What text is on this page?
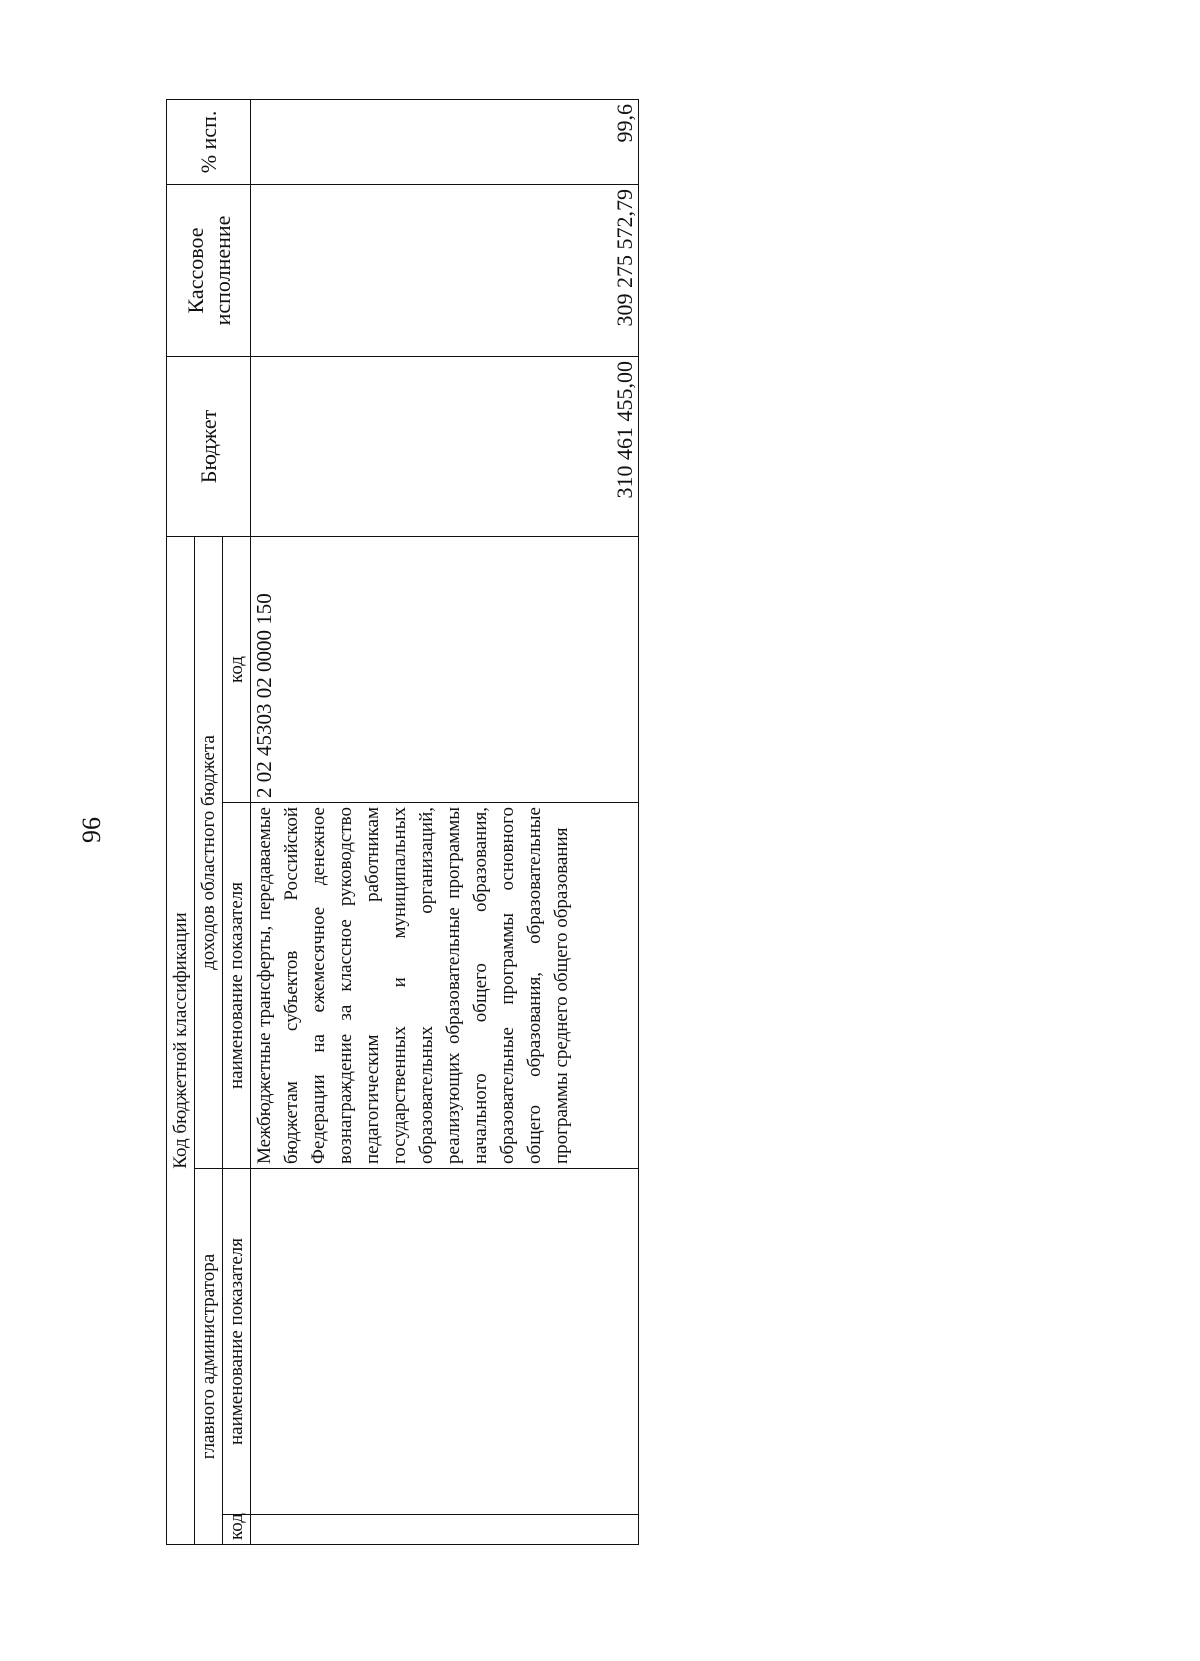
96
Код бюджетной классификации				Бюджет	Кассовое исполнение	% исп.
главного администратора		доходов областного бюджета				
код	наименование показателя	наименование показателя	код			

		Межбюджетные трансферты, передаваемые бюджетам субъектов Российской Федерации на ежемесячное денежное вознаграждение за классное руководство педагогическим работникам государственных и муниципальных образовательных организаций, реализующих образовательные программы начального общего образования, образовательные программы основного общего образования, образовательные программы среднего общего образования	2 02 45303 02 0000 150	310 461 455,00	309 275 572,79	99,6
